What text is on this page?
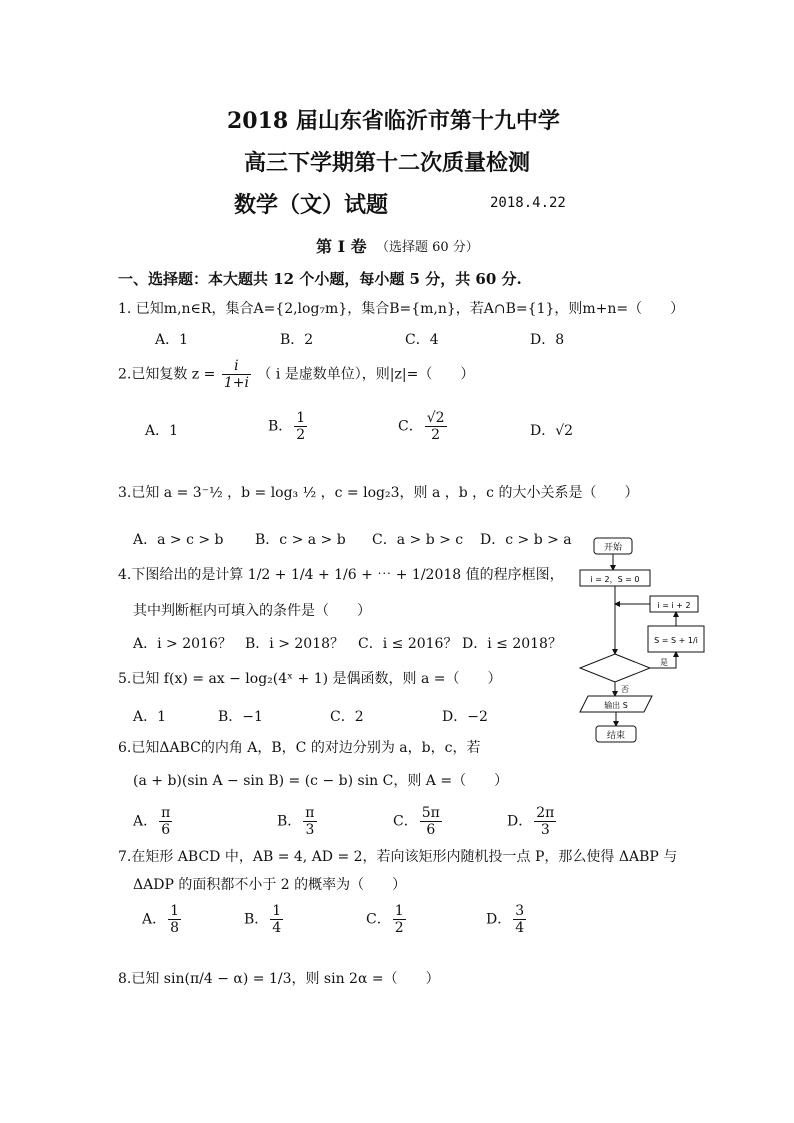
2018 届山东省临沂市第十九中学
高三下学期第十二次质量检测
数学（文）试题	2018.4.22
第 I 卷 （选择题 60 分）
一、选择题：本大题共 12 个小题，每小题 5 分，共 60 分.
1. 已知m,n∈R，集合A={2,log₇m}，集合B={m,n}，若A∩B={1}，则m+n=（　　）
A．1	B．2	C．4	D．8
2.已知复数 $z = \frac{i}{1+i}$ （ i 是虚数单位），则|z|=（　　）
A．1	B． $\frac{1}{2}$	C． $\frac{√2}{2}$	D．√2
3.已知 a = 3⁻½ ，b = log₃ ½ ，c = log₂3，则 a ，b ，c 的大小关系是（　　）
A．a > c > b B．c > a > b C．a > b > c D．c > b > a
4.下图给出的是计算 1/2 + 1/4 + 1/6 + ⋯ + 1/2018 值的程序框图，
其中判断框内可填入的条件是（　　）
A．i > 2016？ B．i > 2018？ C．i ≤ 2016？ D．i ≤ 2018？
5.已知 f(x) = ax − log₂(4ˣ + 1) 是偶函数，则 a =（　　）
A．1	B．−1	C．2	D．−2
6.已知ΔABC的内角 A，B，C 的对边分别为 a，b，c，若
(a + b)(sin A − sin B) = (c − b) sin C，则 A =（　　）
A． $\frac{\pi}{6}$	B． $\frac{\pi}{3}$	C． $\frac{5\pi}{6}$	D． $\frac{2\pi}{3}$
7.在矩形 ABCD 中，AB = 4, AD = 2，若向该矩形内随机投一点 P，那么使得 ΔABP 与
ΔADP 的面积都不小于 2 的概率为（　　）
A． $\frac{1}{8}$	B． $\frac{1}{4}$	C． $\frac{1}{2}$	D． $\frac{3}{4}$
8.已知 sin(π/4 − α) = 1/3，则 sin 2α =（　　）
开始
i = 2，S = 0
i = i + 2
S = S + 1/i
是
否
输出 S
结束
